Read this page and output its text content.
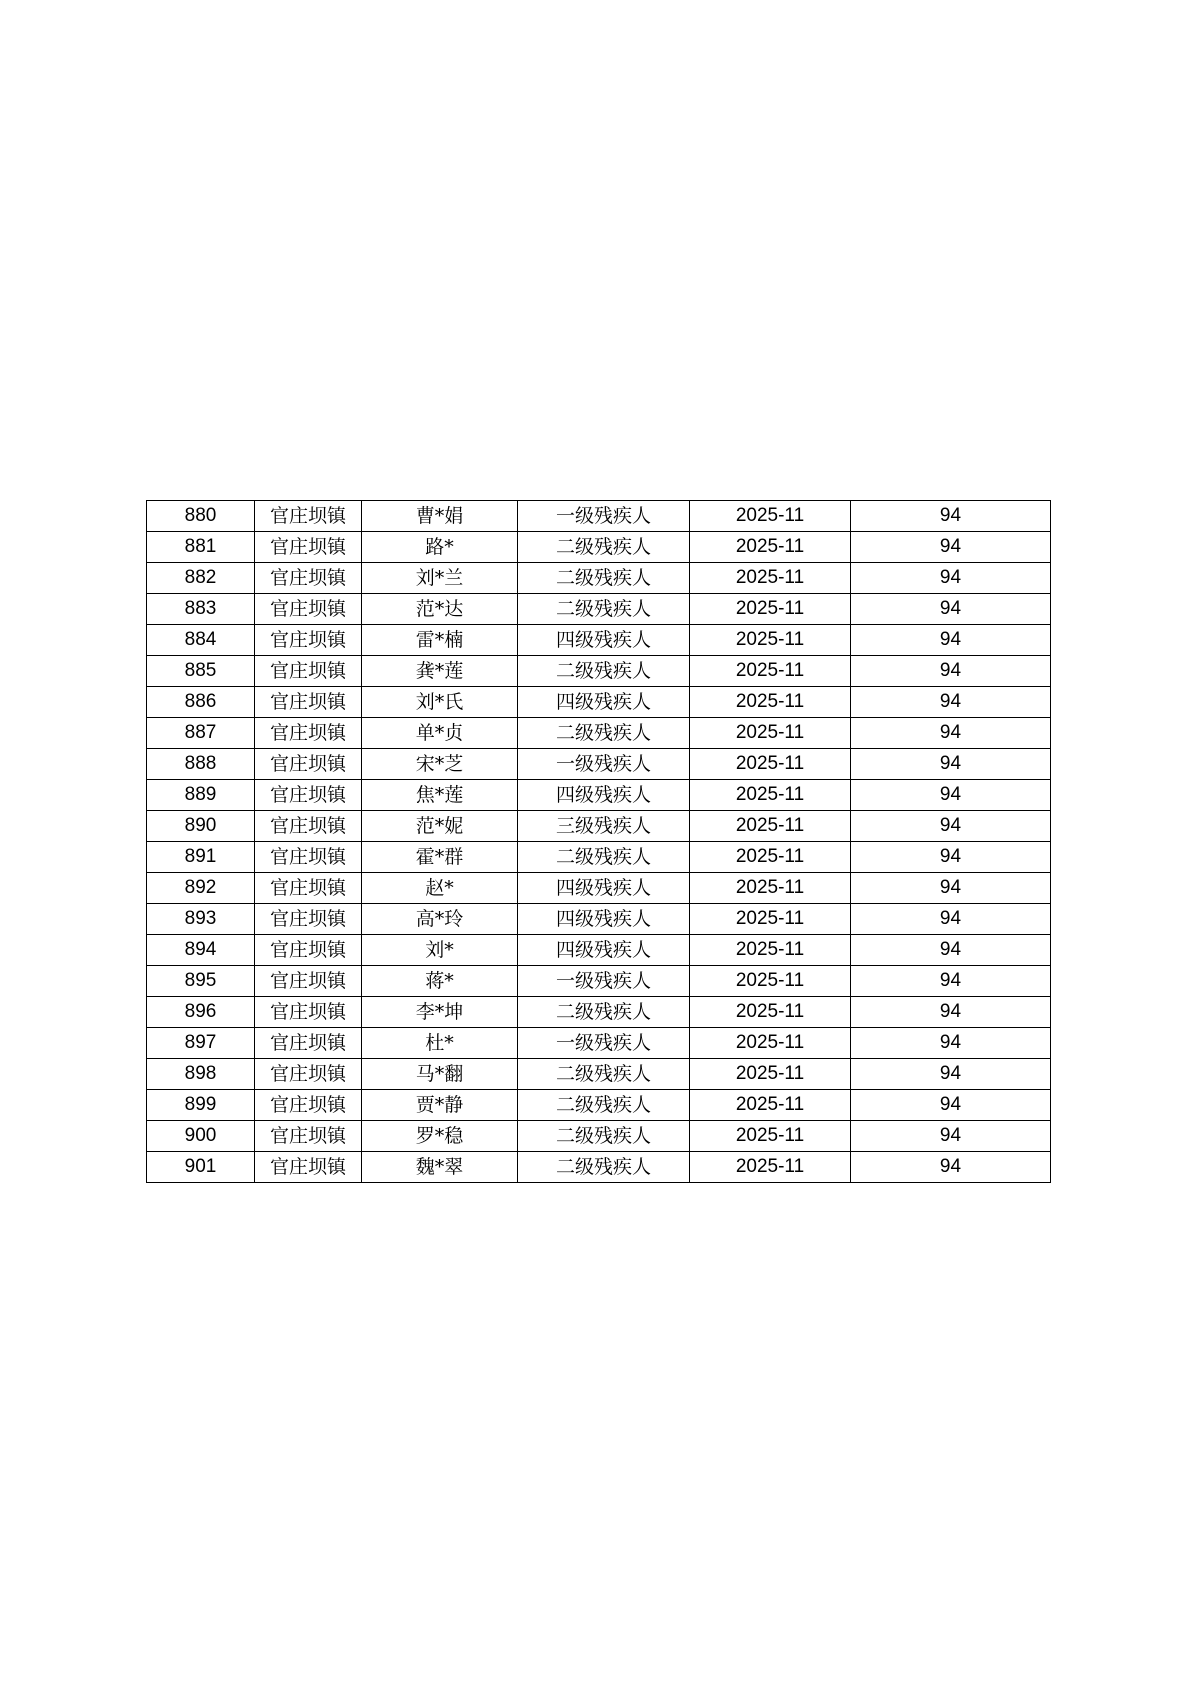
880	官庄坝镇	曹*娟	一级残疾人	2025-11	94
881	官庄坝镇	路*	二级残疾人	2025-11	94
882	官庄坝镇	刘*兰	二级残疾人	2025-11	94
883	官庄坝镇	范*达	二级残疾人	2025-11	94
884	官庄坝镇	雷*楠	四级残疾人	2025-11	94
885	官庄坝镇	龚*莲	二级残疾人	2025-11	94
886	官庄坝镇	刘*氏	四级残疾人	2025-11	94
887	官庄坝镇	单*贞	二级残疾人	2025-11	94
888	官庄坝镇	宋*芝	一级残疾人	2025-11	94
889	官庄坝镇	焦*莲	四级残疾人	2025-11	94
890	官庄坝镇	范*妮	三级残疾人	2025-11	94
891	官庄坝镇	霍*群	二级残疾人	2025-11	94
892	官庄坝镇	赵*	四级残疾人	2025-11	94
893	官庄坝镇	高*玲	四级残疾人	2025-11	94
894	官庄坝镇	刘*	四级残疾人	2025-11	94
895	官庄坝镇	蒋*	一级残疾人	2025-11	94
896	官庄坝镇	李*坤	二级残疾人	2025-11	94
897	官庄坝镇	杜*	一级残疾人	2025-11	94
898	官庄坝镇	马*翻	二级残疾人	2025-11	94
899	官庄坝镇	贾*静	二级残疾人	2025-11	94
900	官庄坝镇	罗*稳	二级残疾人	2025-11	94
901	官庄坝镇	魏*翠	二级残疾人	2025-11	94
